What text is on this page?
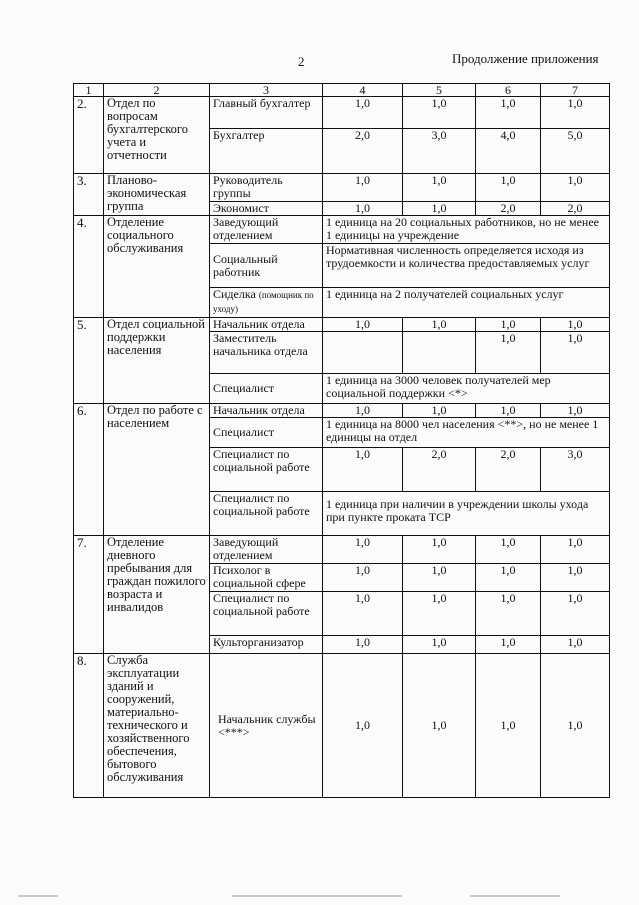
2	Продолжение приложения
1	2	3	4	5	6	7
2.	Отдел по вопросам бухгалтерского учета и отчетности	Главный бухгалтер	1,0	1,0	1,0	1,0
		Бухгалтер	2,0	3,0	4,0	5,0
3.	Планово-экономическая группа	Руководитель группы	1,0	1,0	1,0	1,0
		Экономист	1,0	1,0	2,0	2,0
4.	Отделение социального обслуживания	Заведующий отделением	1 единица на 20 социальных работников, но не менее 1 единицы на учреждение			
		Социальный работник	Нормативная численность определяется исходя из трудоемкости и количества предоставляемых услуг			
		Сиделка (помощник по уходу)	1 единица на 2 получателей социальных услуг			
5.	Отдел социальной поддержки населения	Начальник отдела	1,0	1,0	1,0	1,0
		Заместитель начальника отдела			1,0	1,0
		Специалист	1 единица на 3000 человек получателей мер социальной поддержки <*>			
6.	Отдел по работе с населением	Начальник отдела	1,0	1,0	1,0	1,0
		Специалист	1 единица на 8000 чел населения <**>, но не менее 1 единицы на отдел			
		Специалист по социальной работе	1,0	2,0	2,0	3,0
		Специалист по социальной работе	1 единица при наличии в учреждении школы ухода при пункте проката ТСР			
7.	Отделение дневного пребывания для граждан пожилого возраста и инвалидов	Заведующий отделением	1,0	1,0	1,0	1,0
		Психолог в социальной сфере	1,0	1,0	1,0	1,0
		Специалист по социальной работе	1,0	1,0	1,0	1,0
		Культорганизатор	1,0	1,0	1,0	1,0
8.	Служба эксплуатации зданий и сооружений, материально-технического и хозяйственного обеспечения, бытового обслуживания	Начальник службы <***>	1,0	1,0	1,0	1,0
